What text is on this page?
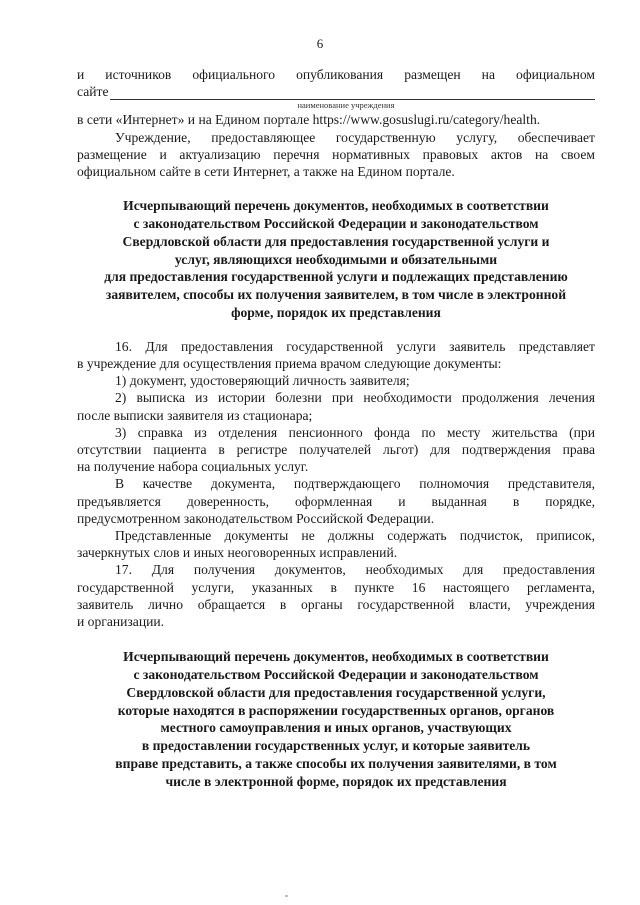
6
и источников официального опубликования размещен на официальном
сайте
наименование учреждения
в сети «Интернет» и на Едином портале https://www.gosuslugi.ru/category/health.
Учреждение, предоставляющее государственную услугу, обеспечивает
размещение и актуализацию перечня нормативных правовых актов на своем
официальном сайте в сети Интернет, а также на Едином портале.
Исчерпывающий перечень документов, необходимых в соответствии
с законодательством Российской Федерации и законодательством
Свердловской области для предоставления государственной услуги и
услуг, являющихся необходимыми и обязательными
для предоставления государственной услуги и подлежащих представлению
заявителем, способы их получения заявителем, в том числе в электронной
форме, порядок их представления
16. Для предоставления государственной услуги заявитель представляет
в учреждение для осуществления приема врачом следующие документы:
1) документ, удостоверяющий личность заявителя;
2) выписка из истории болезни при необходимости продолжения лечения
после выписки заявителя из стационара;
3) справка из отделения пенсионного фонда по месту жительства (при
отсутствии пациента в регистре получателей льгот) для подтверждения права
на получение набора социальных услуг.
В качестве документа, подтверждающего полномочия представителя,
предъявляется доверенность, оформленная и выданная в порядке,
предусмотренном законодательством Российской Федерации.
Представленные документы не должны содержать подчисток, приписок,
зачеркнутых слов и иных неоговоренных исправлений.
17. Для получения документов, необходимых для предоставления
государственной услуги, указанных в пункте 16 настоящего регламента,
заявитель лично обращается в органы государственной власти, учреждения
и организации.
Исчерпывающий перечень документов, необходимых в соответствии
с законодательством Российской Федерации и законодательством
Свердловской области для предоставления государственной услуги,
которые находятся в распоряжении государственных органов, органов
местного самоуправления и иных органов, участвующих
в предоставлении государственных услуг, и которые заявитель
вправе представить, а также способы их получения заявителями, в том
числе в электронной форме, порядок их представления
